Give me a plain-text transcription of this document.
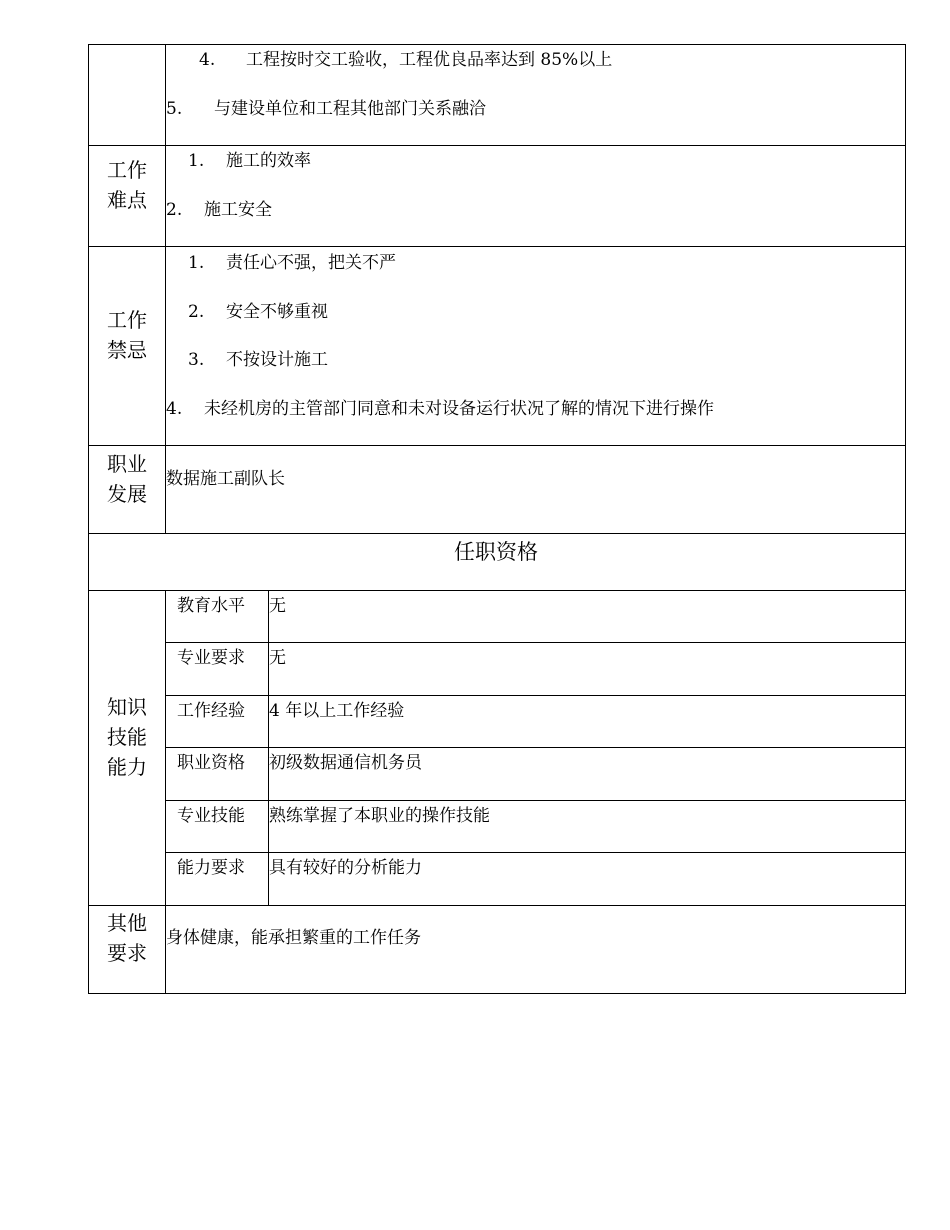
4. 工程按时交工验收，工程优良品率达到 85%以上
5. 与建设单位和工程其他部门关系融洽
工作
难点
1. 施工的效率
2. 施工安全
工作
禁忌
1. 责任心不强，把关不严
2. 安全不够重视
3. 不按设计施工
4. 未经机房的主管部门同意和未对设备运行状况了解的情况下进行操作
职业
发展
数据施工副队长
任职资格
知识
技能
能力
教育水平 无
专业要求 无
工作经验 4 年以上工作经验
职业资格 初级数据通信机务员
专业技能 熟练掌握了本职业的操作技能
能力要求 具有较好的分析能力
其他
要求
身体健康，能承担繁重的工作任务
